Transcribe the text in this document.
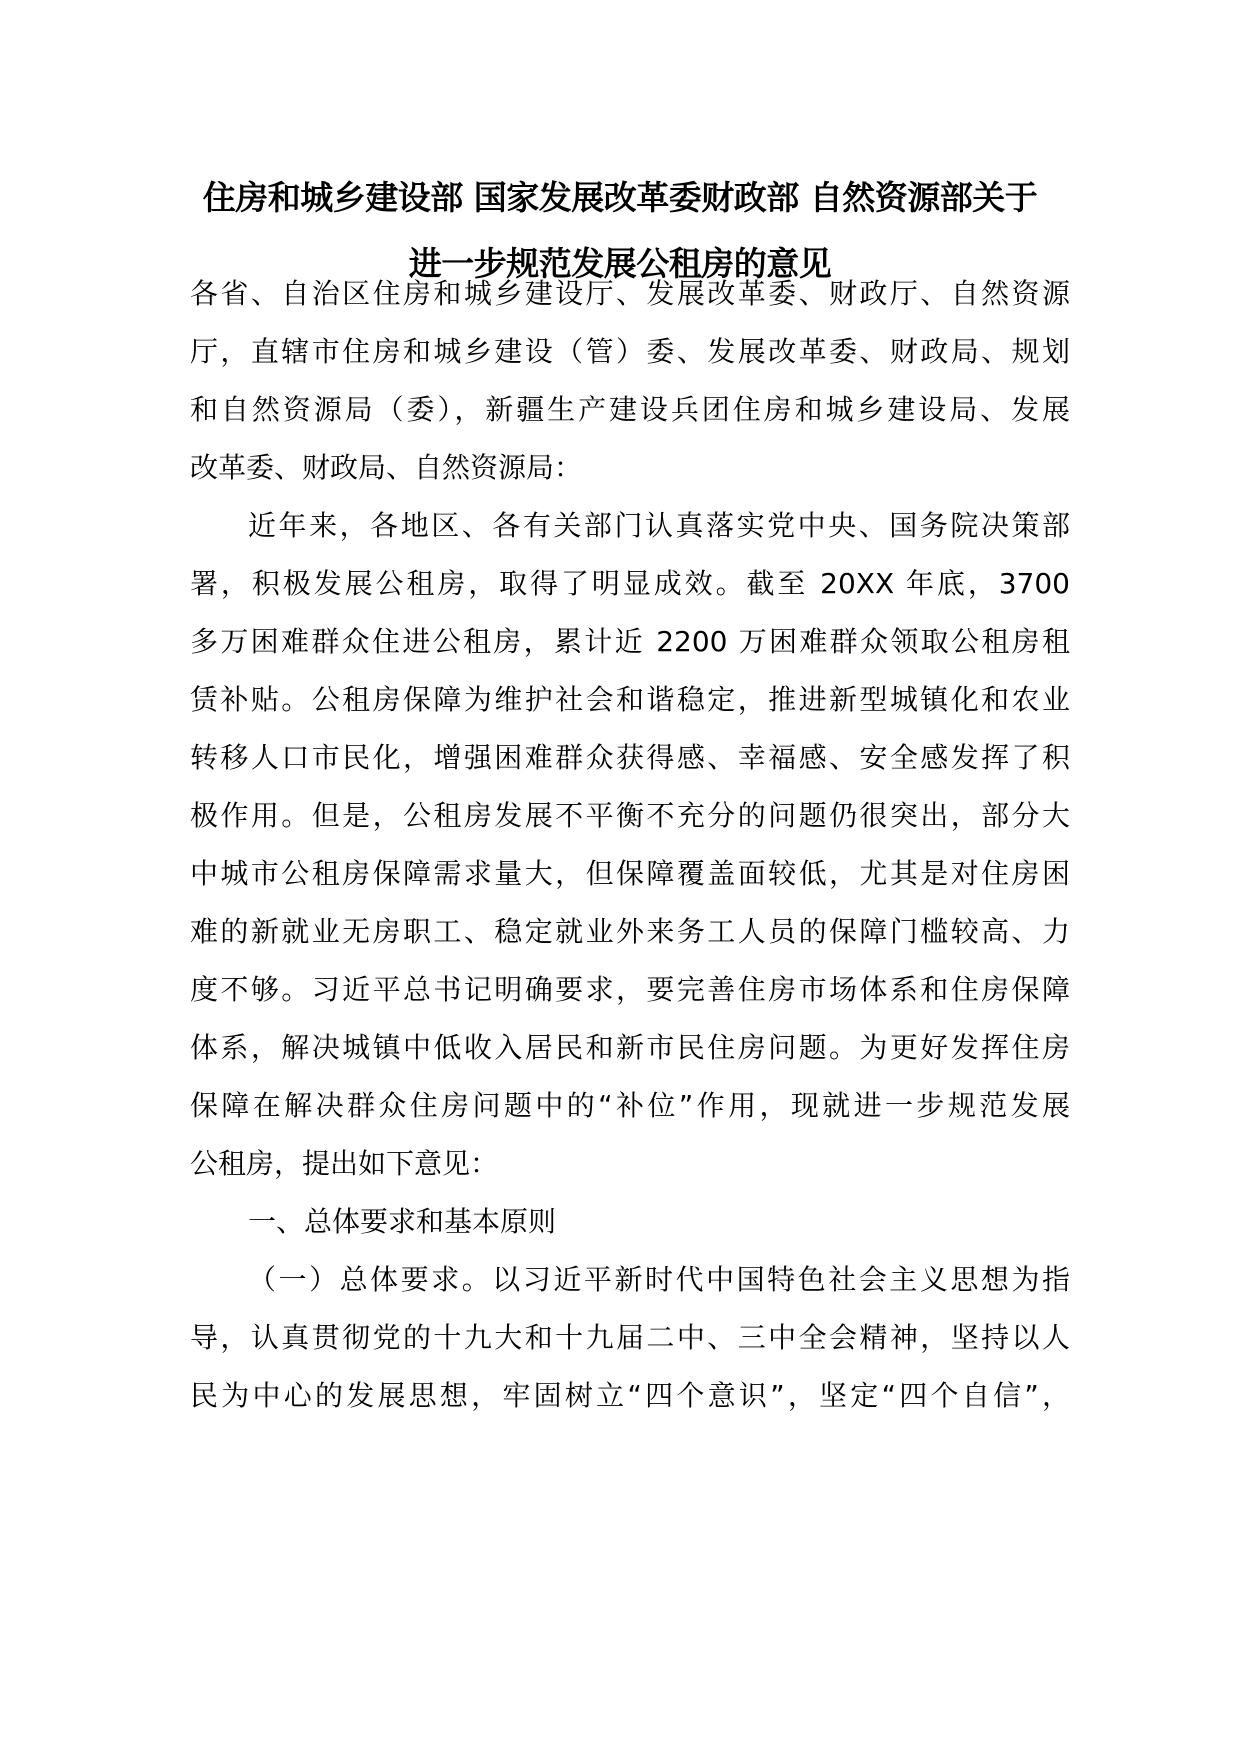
住房和城乡建设部 国家发展改革委财政部 自然资源部关于
进一步规范发展公租房的意见
各省、自治区住房和城乡建设厅、发展改革委、财政厅、自然资源
厅，直辖市住房和城乡建设（管）委、发展改革委、财政局、规划
和自然资源局（委），新疆生产建设兵团住房和城乡建设局、发展
改革委、财政局、自然资源局：
近年来，各地区、各有关部门认真落实党中央、国务院决策部
署，积极发展公租房，取得了明显成效。截至 20XX 年底，3700
多万困难群众住进公租房，累计近 2200 万困难群众领取公租房租
赁补贴。公租房保障为维护社会和谐稳定，推进新型城镇化和农业
转移人口市民化，增强困难群众获得感、幸福感、安全感发挥了积
极作用。但是，公租房发展不平衡不充分的问题仍很突出，部分大
中城市公租房保障需求量大，但保障覆盖面较低，尤其是对住房困
难的新就业无房职工、稳定就业外来务工人员的保障门槛较高、力
度不够。习近平总书记明确要求，要完善住房市场体系和住房保障
体系，解决城镇中低收入居民和新市民住房问题。为更好发挥住房
保障在解决群众住房问题中的“补位”作用，现就进一步规范发展
公租房，提出如下意见：
一、总体要求和基本原则
（一）总体要求。以习近平新时代中国特色社会主义思想为指
导，认真贯彻党的十九大和十九届二中、三中全会精神，坚持以人
民为中心的发展思想，牢固树立“四个意识”，坚定“四个自信”，
